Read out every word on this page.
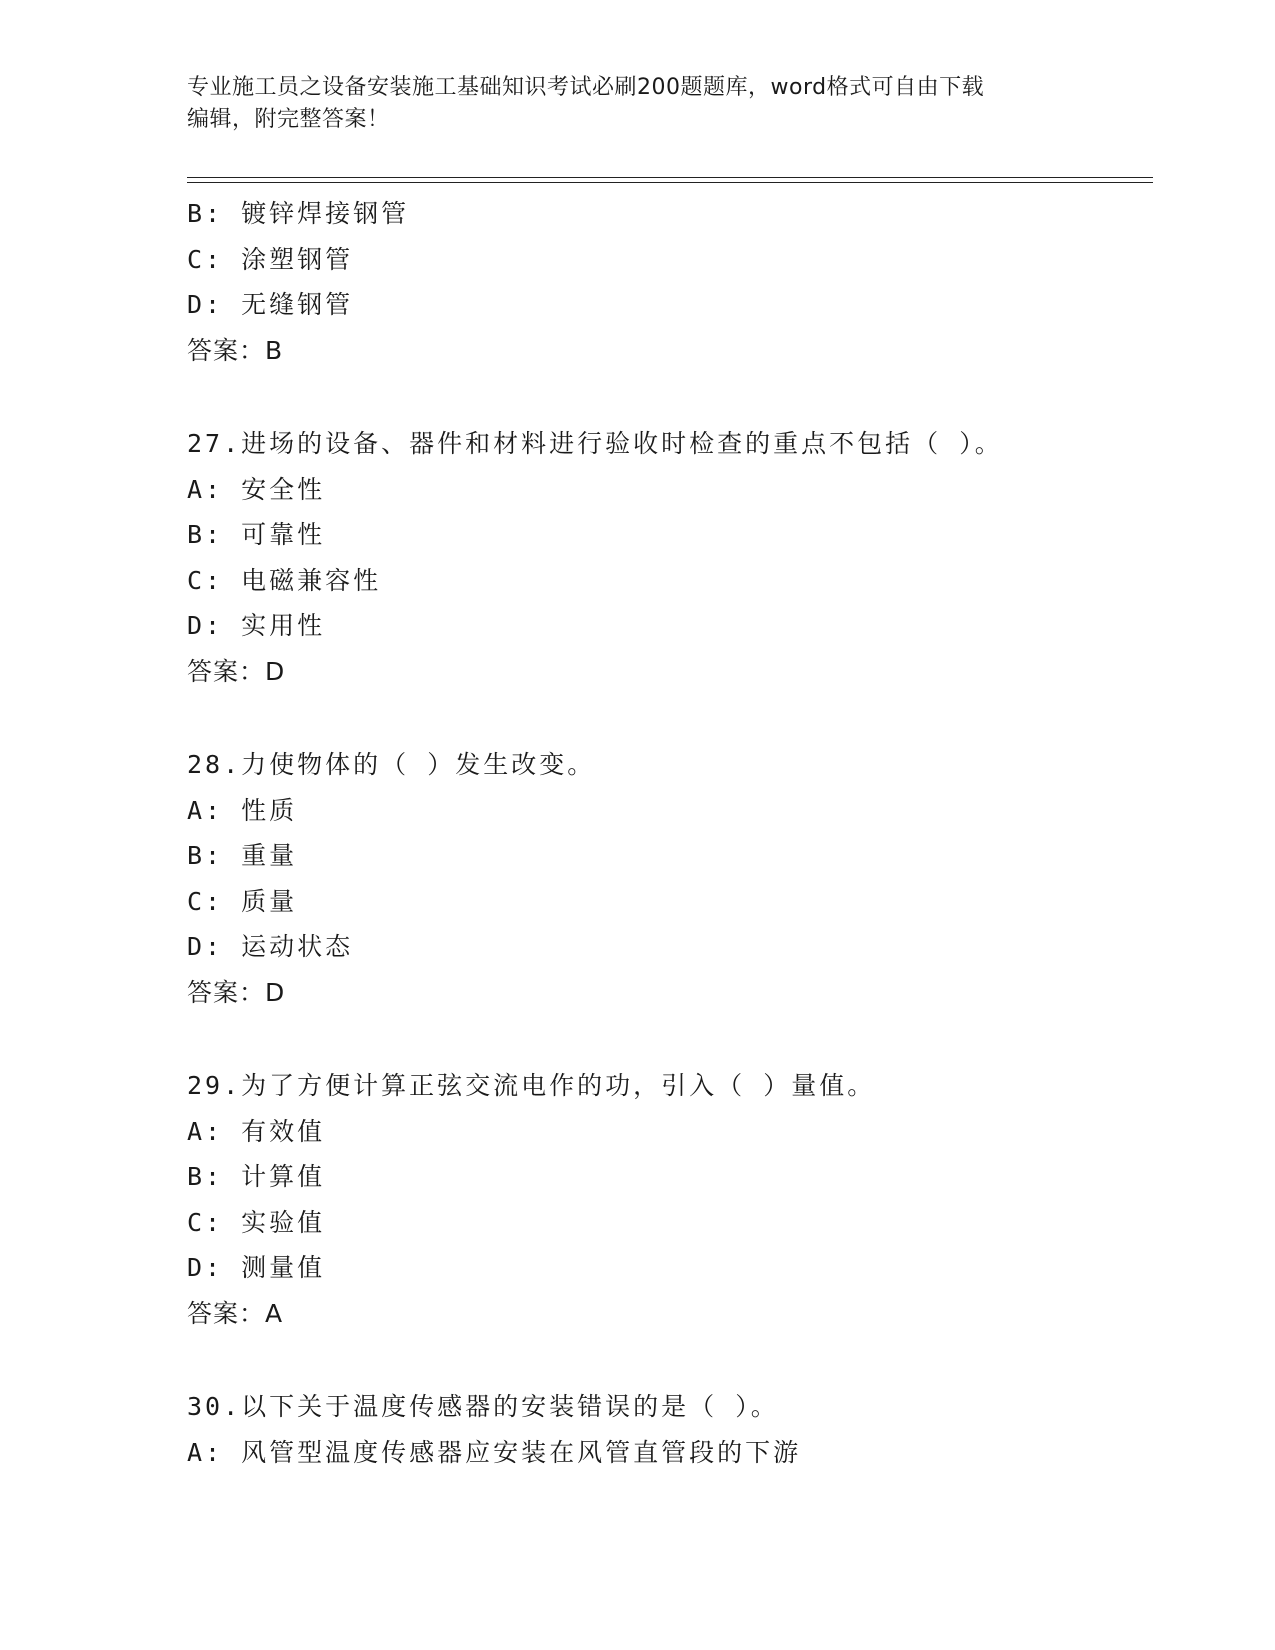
专业施工员之设备安装施工基础知识考试必刷200题题库，word格式可自由下载
编辑，附完整答案！
B: 镀锌焊接钢管
C: 涂塑钢管
D: 无缝钢管
答案：B
27.进场的设备、器件和材料进行验收时检查的重点不包括（ ）。
A: 安全性
B: 可靠性
C: 电磁兼容性
D: 实用性
答案：D
28.力使物体的（ ）发生改变。
A: 性质
B: 重量
C: 质量
D: 运动状态
答案：D
29.为了方便计算正弦交流电作的功，引入（ ）量值。
A: 有效值
B: 计算值
C: 实验值
D: 测量值
答案：A
30.以下关于温度传感器的安装错误的是（ ）。
A: 风管型温度传感器应安装在风管直管段的下游
